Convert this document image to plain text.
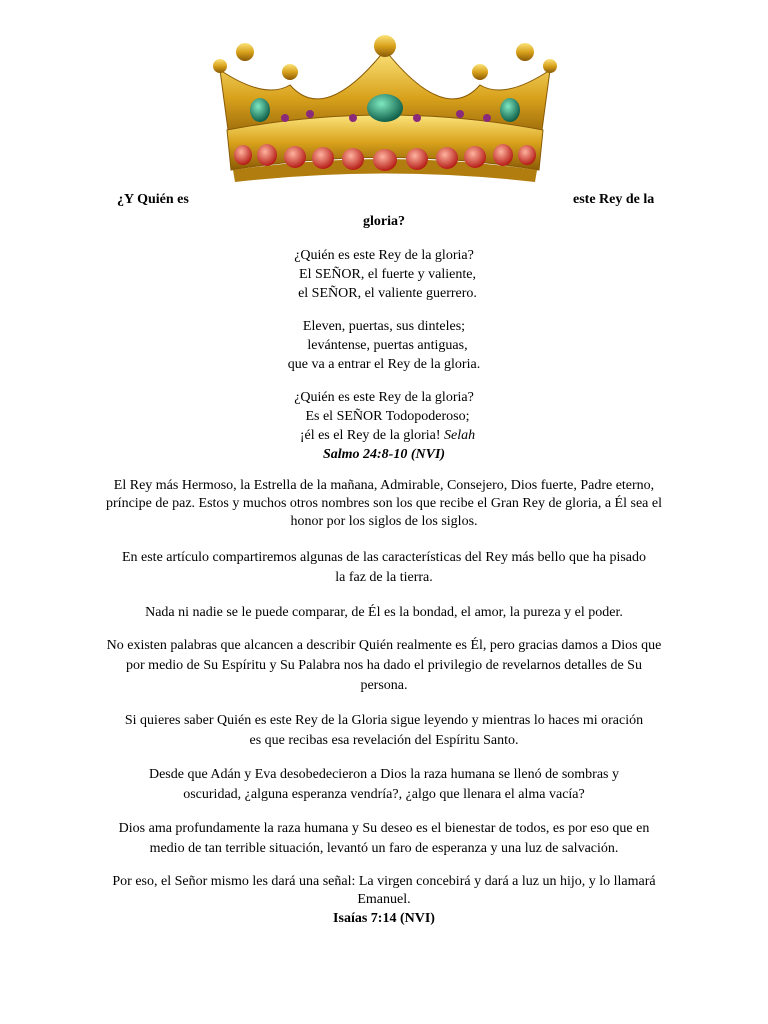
¿Y Quién es	este Rey de la
gloria?
¿Quién es este Rey de la gloria?
El SEÑOR, el fuerte y valiente,
el SEÑOR, el valiente guerrero.
Eleven, puertas, sus dinteles;
levántense, puertas antiguas,
que va a entrar el Rey de la gloria.
¿Quién es este Rey de la gloria?
Es el SEÑOR Todopoderoso;
¡él es el Rey de la gloria! Selah
Salmo 24:8-10 (NVI)
El Rey más Hermoso, la Estrella de la mañana, Admirable, Consejero, Dios fuerte, Padre eterno, príncipe de paz. Estos y muchos otros nombres son los que recibe el Gran Rey de gloria, a Él sea el honor por los siglos de los siglos.
En este artículo compartiremos algunas de las características del Rey más bello que ha pisado la faz de la tierra.
Nada ni nadie se le puede comparar, de Él es la bondad, el amor, la pureza y el poder.
No existen palabras que alcancen a describir Quién realmente es Él, pero gracias damos a Dios que por medio de Su Espíritu y Su Palabra nos ha dado el privilegio de revelarnos detalles de Su persona.
Si quieres saber Quién es este Rey de la Gloria sigue leyendo y mientras lo haces mi oración es que recibas esa revelación del Espíritu Santo.
Desde que Adán y Eva desobedecieron a Dios la raza humana se llenó de sombras y oscuridad, ¿alguna esperanza vendría?, ¿algo que llenara el alma vacía?
Dios ama profundamente la raza humana y Su deseo es el bienestar de todos, es por eso que en medio de tan terrible situación, levantó un faro de esperanza y una luz de salvación.
Por eso, el Señor mismo les dará una señal: La virgen concebirá y dará a luz un hijo, y lo llamará Emanuel.
Isaías 7:14 (NVI)
